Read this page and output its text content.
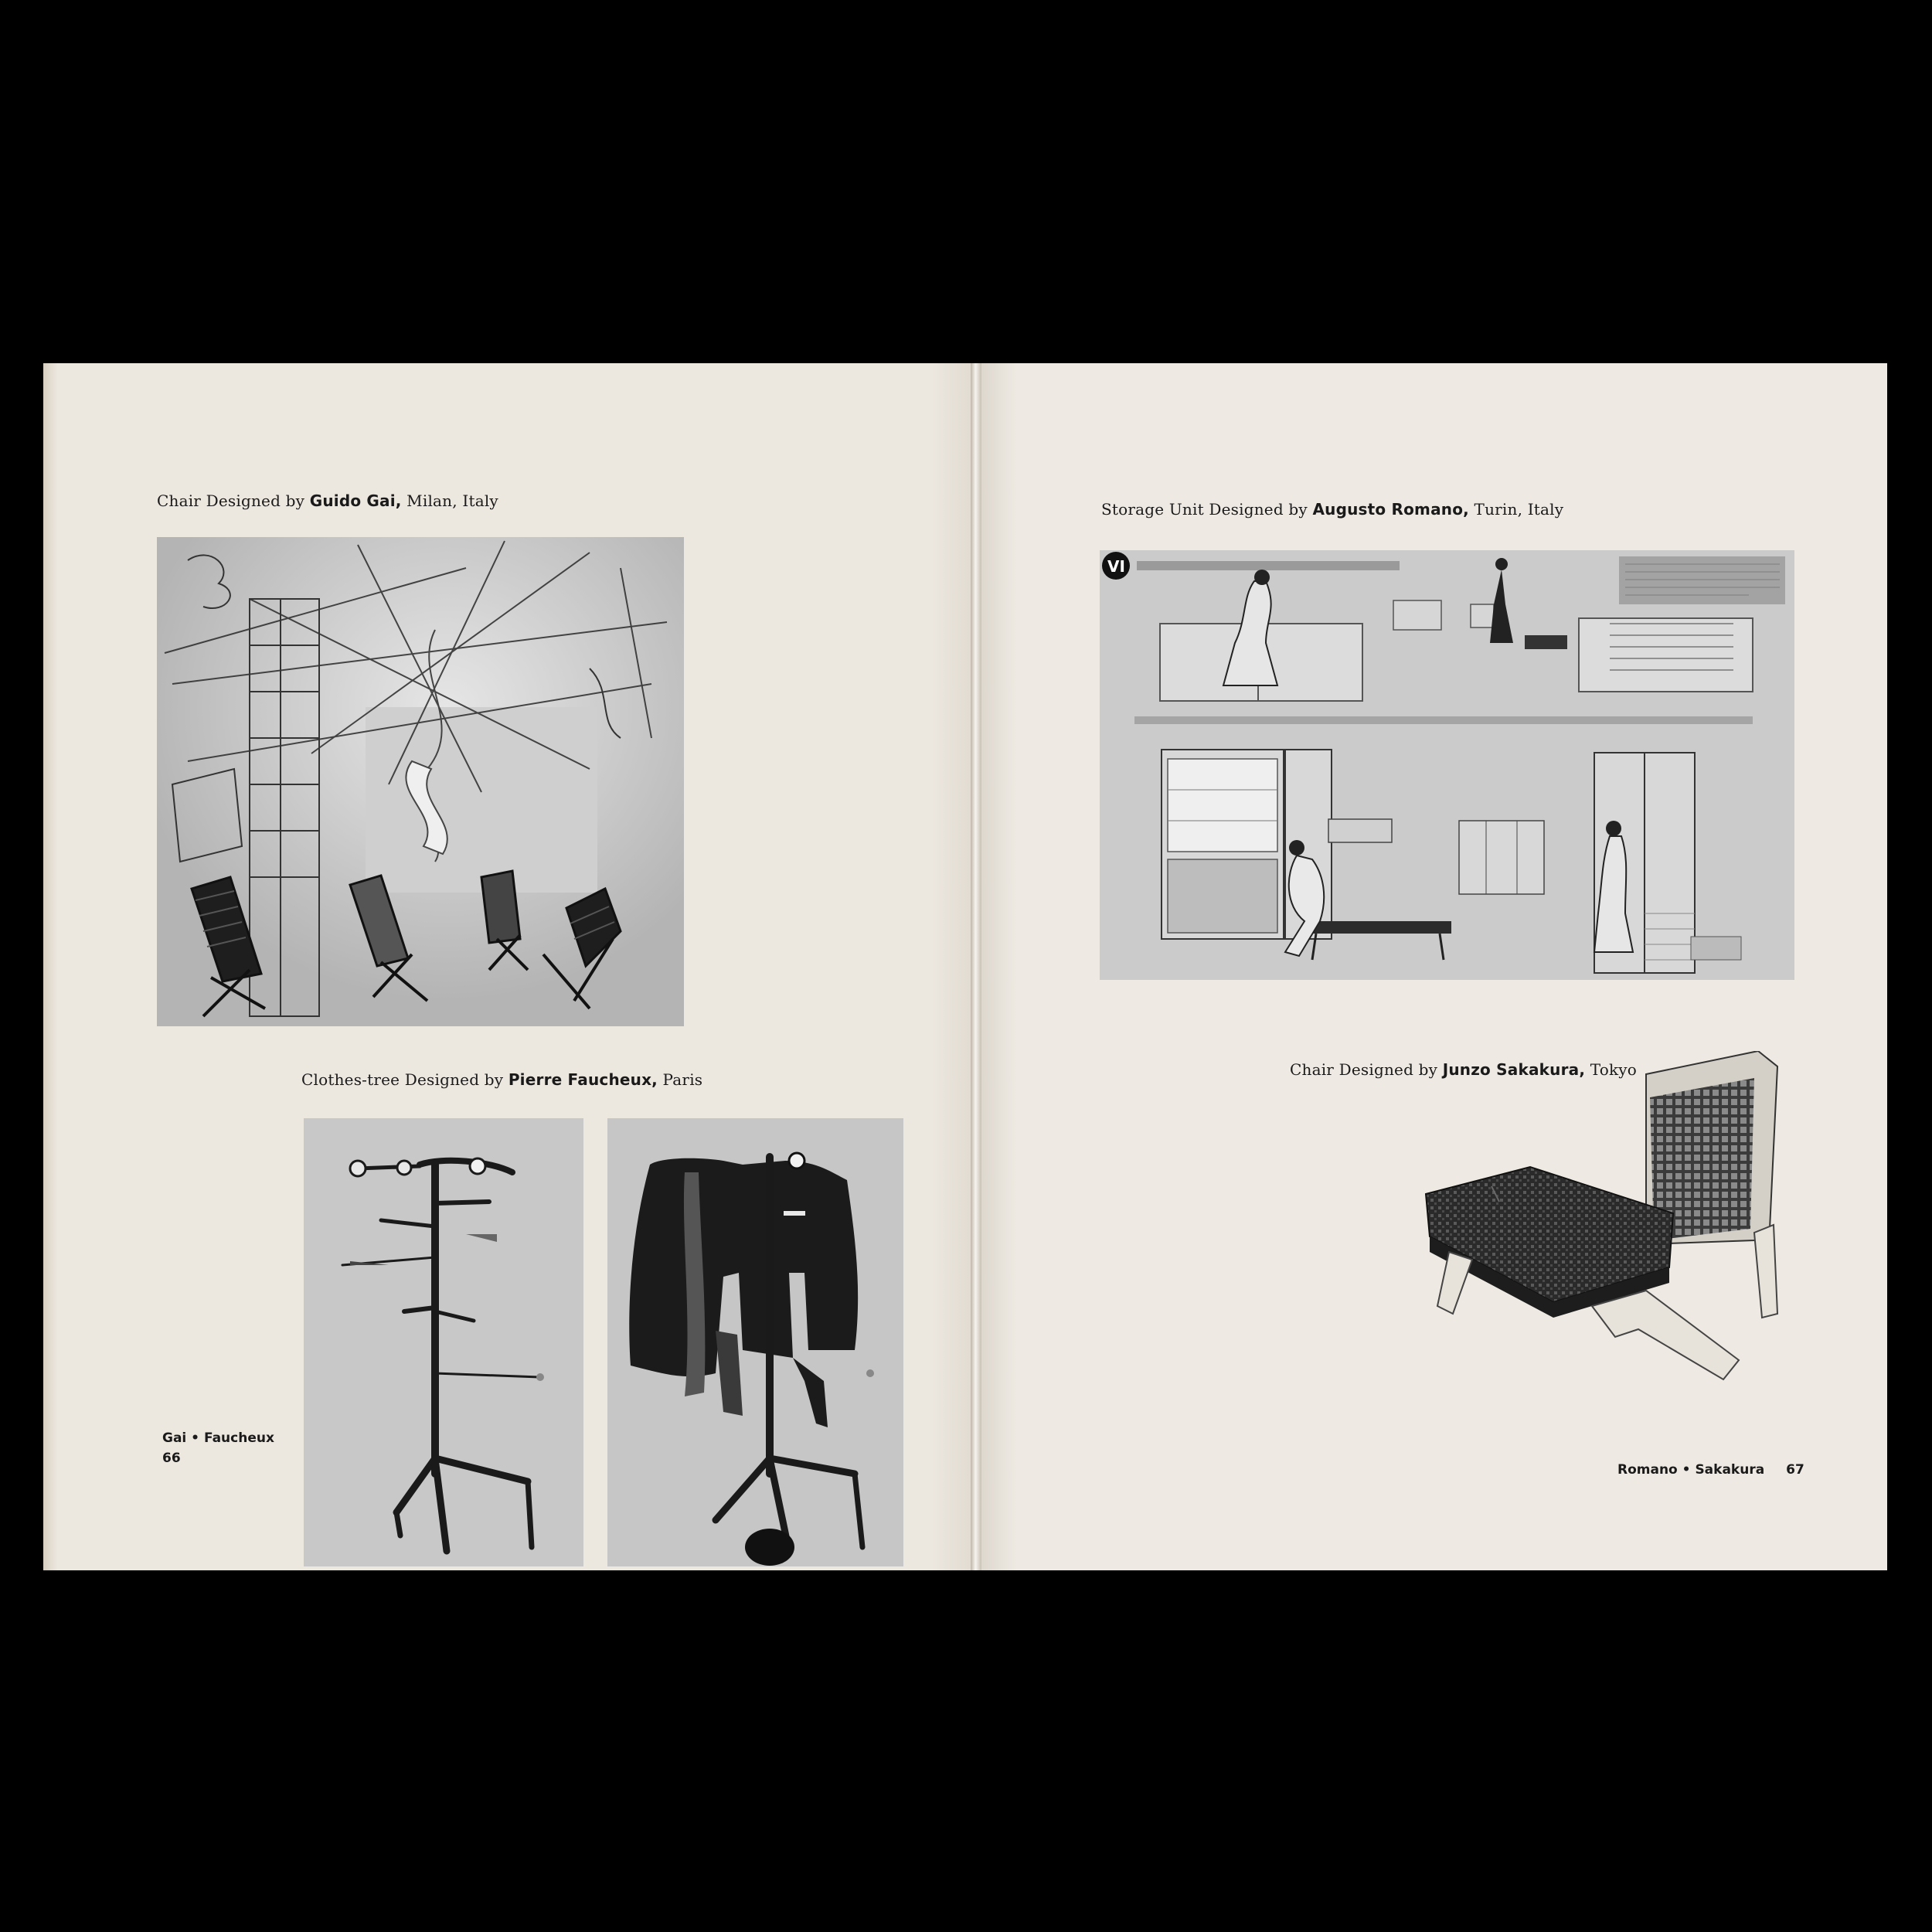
Chair Designed by Guido Gai, Milan, Italy
Clothes-tree Designed by Pierre Faucheux, Paris
Gai • Faucheux
66
Storage Unit Designed by Augusto Romano, Turin, Italy
VI
Chair Designed by Junzo Sakakura, Tokyo
Romano • Sakakura 67
